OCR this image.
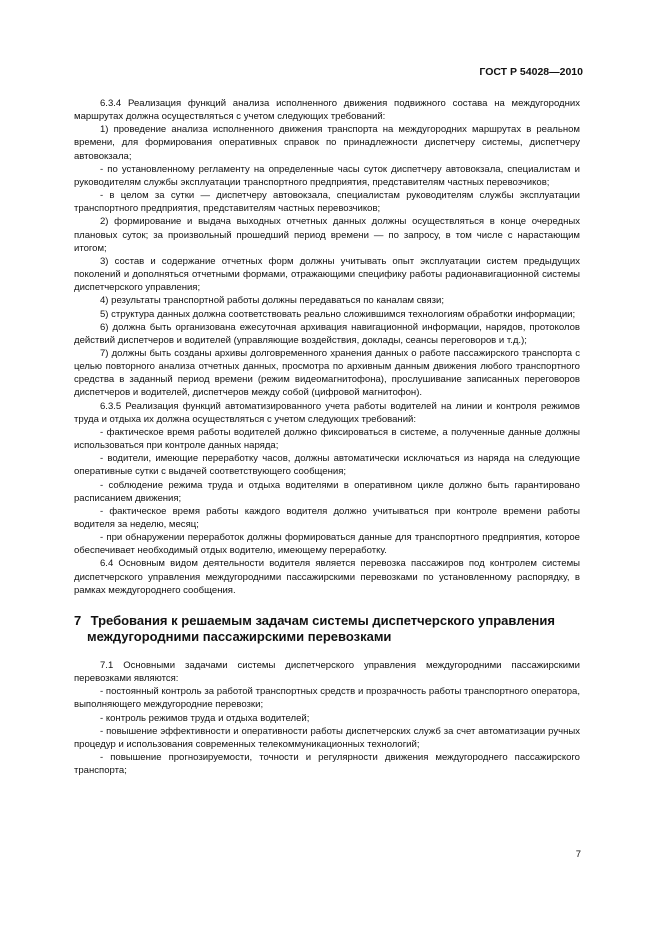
ГОСТ Р 54028—2010

6.3.4 Реализация функций анализа исполненного движения подвижного состава на междугородних маршрутах должна осуществляться с учетом следующих требований:

1) проведение анализа исполненного движения транспорта на междугородних маршрутах в реальном времени, для формирования оперативных справок по принадлежности диспетчеру системы, диспетчеру автовокзала;

- по установленному регламенту на определенные часы суток диспетчеру автовокзала, специалистам и руководителям службы эксплуатации транспортного предприятия, представителям частных перевозчиков;

- в целом за сутки — диспетчеру автовокзала, специалистам руководителям службы эксплуатации транспортного предприятия, представителям частных перевозчиков;

2) формирование и выдача выходных отчетных данных должны осуществляться в конце очередных плановых суток; за произвольный прошедший период времени — по запросу, в том числе с нарастающим итогом;

3) состав и содержание отчетных форм должны учитывать опыт эксплуатации систем предыдущих поколений и дополняться отчетными формами, отражающими специфику работы радионавигационной системы диспетчерского управления;

4) результаты транспортной работы должны передаваться по каналам связи;

5) структура данных должна соответствовать реально сложившимся технологиям обработки информации;

6) должна быть организована ежесуточная архивация навигационной информации, нарядов, протоколов действий диспетчеров и водителей (управляющие воздействия, доклады, сеансы переговоров и т.д.);

7) должны быть созданы архивы долговременного хранения данных о работе пассажирского транспорта с целью повторного анализа отчетных данных, просмотра по архивным данным движения любого транспортного средства в заданный период времени (режим видеомагнитофона), прослушивание записанных переговоров диспетчеров и водителей, диспетчеров между собой (цифровой магнитофон).

6.3.5 Реализация функций автоматизированного учета работы водителей на линии и контроля режимов труда и отдыха их должна осуществляться с учетом следующих требований:

- фактическое время работы водителей должно фиксироваться в системе, а полученные данные должны использоваться при контроле данных наряда;

- водители, имеющие переработку часов, должны автоматически исключаться из наряда на следующие оперативные сутки с выдачей соответствующего сообщения;

- соблюдение режима труда и отдыха водителями в оперативном цикле должно быть гарантировано расписанием движения;

- фактическое время работы каждого водителя должно учитываться при контроле времени работы водителя за неделю, месяц;

- при обнаружении переработок должны формироваться данные для транспортного предприятия, которое обеспечивает необходимый отдых водителю, имеющему переработку.

6.4 Основным видом деятельности водителя является перевозка пассажиров под контролем системы диспетчерского управления междугородними пассажирскими перевозками по установленному распорядку, в рамках междугороднего сообщения.

7 Требования к решаемым задачам системы диспетчерского управления
междугородними пассажирскими перевозками

7.1 Основными задачами системы диспетчерского управления междугородними пассажирскими перевозками являются:

- постоянный контроль за работой транспортных средств и прозрачность работы транспортного оператора, выполняющего междугородние перевозки;

- контроль режимов труда и отдыха водителей;

- повышение эффективности и оперативности работы диспетчерских служб за счет автоматизации ручных процедур и использования современных телекоммуникационных технологий;

- повышение прогнозируемости, точности и регулярности движения междугороднего пассажирского транспорта;

7
